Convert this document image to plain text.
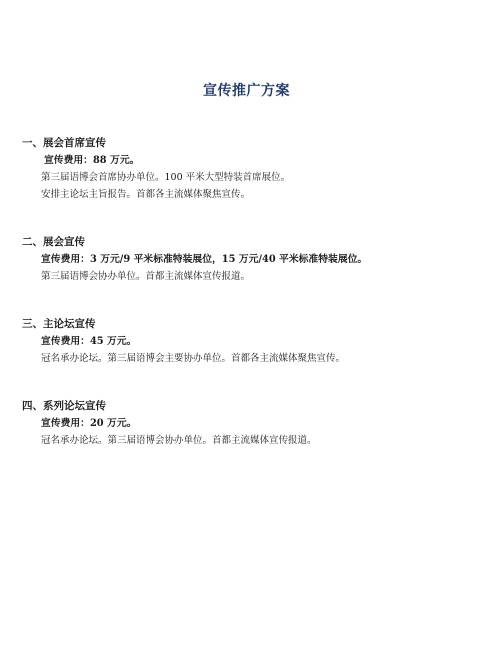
宣传推广方案

一、展会首席宣传

宣传费用：88 万元。

第三届语博会首席协办单位。100 平米大型特装首席展位。

安排主论坛主旨报告。首都各主流媒体聚焦宣传。

二、展会宣传

宣传费用：3 万元/9 平米标准特装展位，15 万元/40 平米标准特装展位。

第三届语博会协办单位。首都主流媒体宣传报道。

三、主论坛宣传

宣传费用：45 万元。

冠名承办论坛。第三届语博会主要协办单位。首都各主流媒体聚焦宣传。

四、系列论坛宣传

宣传费用：20 万元。

冠名承办论坛。第三届语博会协办单位。首都主流媒体宣传报道。
